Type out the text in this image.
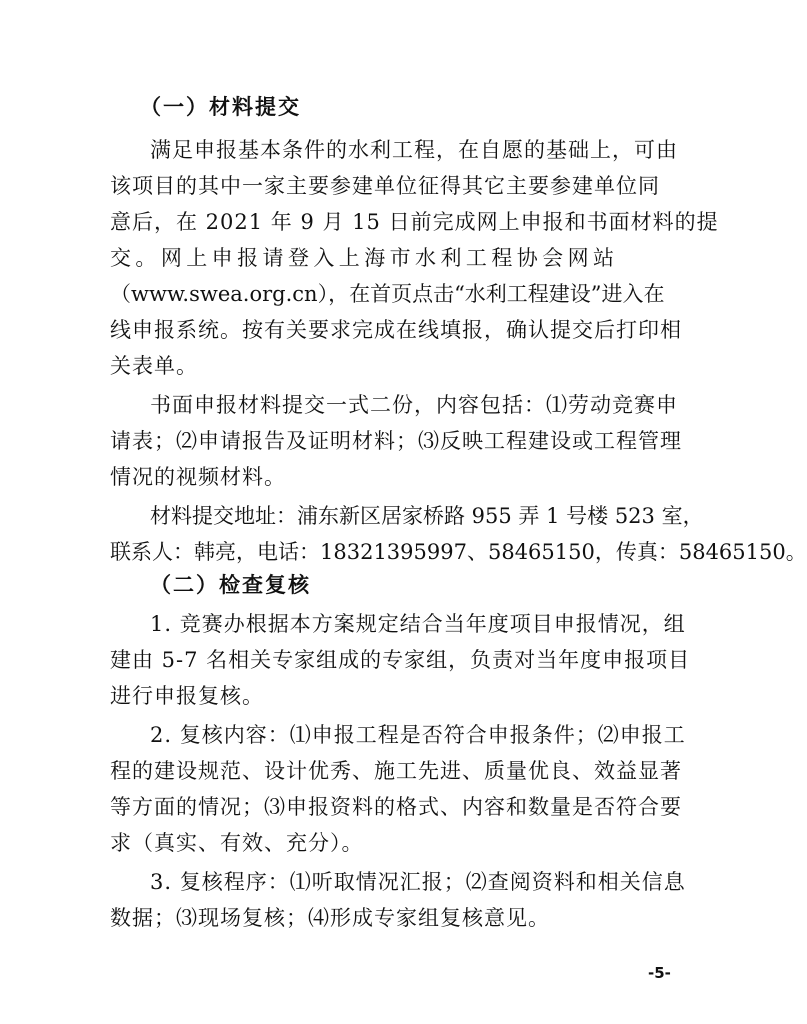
（一）材料提交
满足申报基本条件的水利工程，在自愿的基础上，可由
该项目的其中一家主要参建单位征得其它主要参建单位同
意后，在 2021 年 9 月 15 日前完成网上申报和书面材料的提
交。网上申报请登入上海市水利工程协会网站
（www.swea.org.cn），在首页点击“水利工程建设”进入在
线申报系统。按有关要求完成在线填报，确认提交后打印相
关表单。
书面申报材料提交一式二份，内容包括：⑴劳动竞赛申
请表；⑵申请报告及证明材料；⑶反映工程建设或工程管理
情况的视频材料。
材料提交地址：浦东新区居家桥路 955 弄 1 号楼 523 室，
联系人：韩亮，电话：18321395997、58465150，传真：58465150。
（二）检查复核
1. 竞赛办根据本方案规定结合当年度项目申报情况，组
建由 5-7 名相关专家组成的专家组，负责对当年度申报项目
进行申报复核。
2. 复核内容：⑴申报工程是否符合申报条件；⑵申报工
程的建设规范、设计优秀、施工先进、质量优良、效益显著
等方面的情况；⑶申报资料的格式、内容和数量是否符合要
求（真实、有效、充分）。
3. 复核程序：⑴听取情况汇报；⑵查阅资料和相关信息
数据；⑶现场复核；⑷形成专家组复核意见。
-5-
